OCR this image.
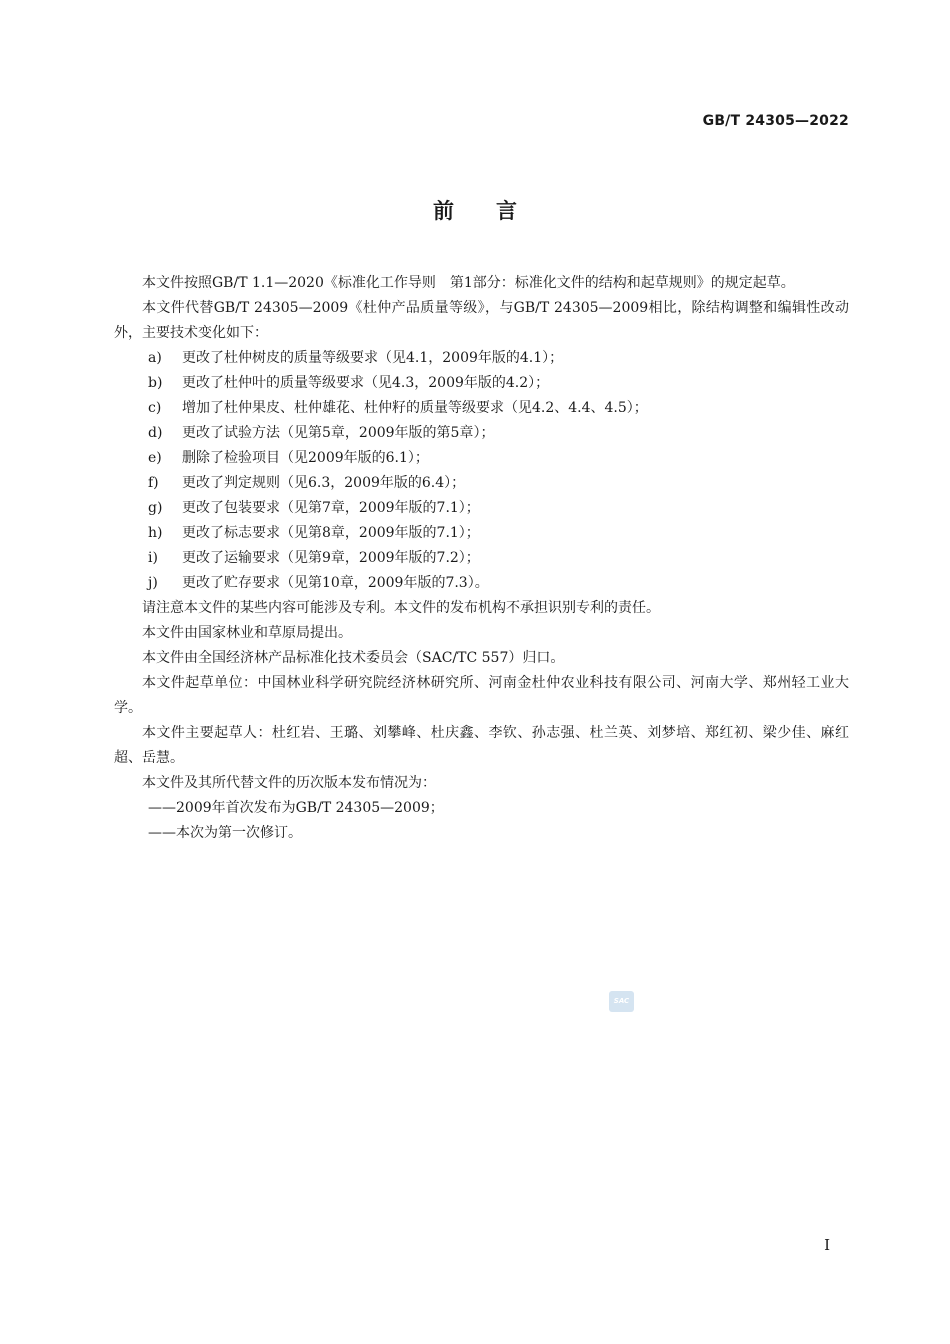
GB/T 24305—2022
前言

本文件按照GB/T 1.1—2020《标准化工作导则　第1部分：标准化文件的结构和起草规则》的规定起草。

本文件代替GB/T 24305—2009《杜仲产品质量等级》，与GB/T 24305—2009相比，除结构调整和编辑性改动外，主要技术变化如下：

a) 更改了杜仲树皮的质量等级要求（见4.1，2009年版的4.1）；

b) 更改了杜仲叶的质量等级要求（见4.3，2009年版的4.2）；

c) 增加了杜仲果皮、杜仲雄花、杜仲籽的质量等级要求（见4.2、4.4、4.5）；

d) 更改了试验方法（见第5章，2009年版的第5章）；

e) 删除了检验项目（见2009年版的6.1）；

f) 更改了判定规则（见6.3，2009年版的6.4）；

g) 更改了包装要求（见第7章，2009年版的7.1）；

h) 更改了标志要求（见第8章，2009年版的7.1）；

i) 更改了运输要求（见第9章，2009年版的7.2）；

j) 更改了贮存要求（见第10章，2009年版的7.3）。

请注意本文件的某些内容可能涉及专利。本文件的发布机构不承担识别专利的责任。

本文件由国家林业和草原局提出。

本文件由全国经济林产品标准化技术委员会（SAC/TC 557）归口。

本文件起草单位：中国林业科学研究院经济林研究所、河南金杜仲农业科技有限公司、河南大学、郑州轻工业大学。

本文件主要起草人：杜红岩、王璐、刘攀峰、杜庆鑫、李钦、孙志强、杜兰英、刘梦培、郑红初、梁少佳、麻红超、岳慧。

本文件及其所代替文件的历次版本发布情况为：

——2009年首次发布为GB/T 24305—2009；

——本次为第一次修订。

SAC
I
